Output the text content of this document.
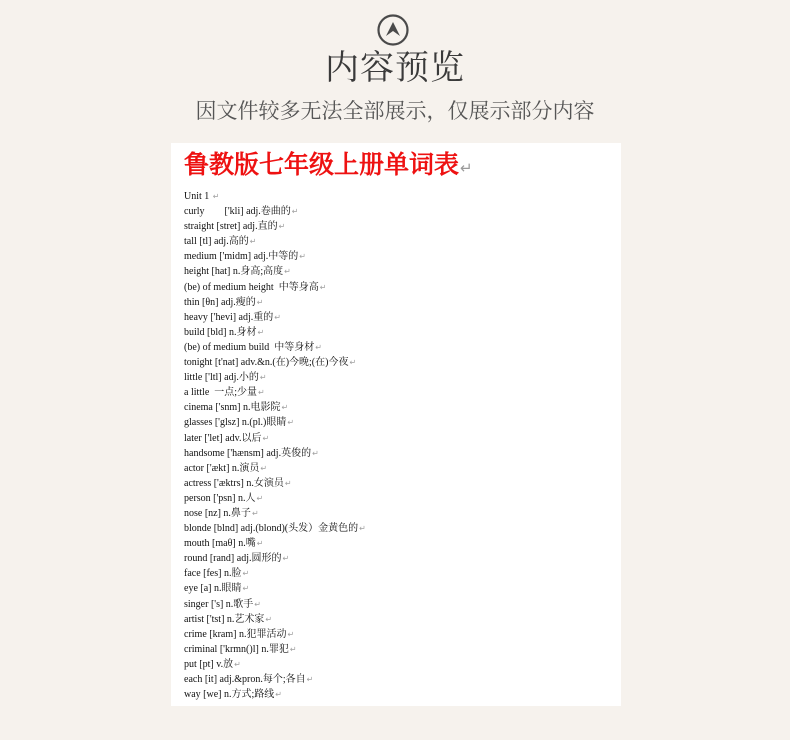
内容预览
因文件较多无法全部展示，仅展示部分内容
鲁教版七年级上册单词表↵
Unit 1 ↵
curly        ['kli] adj.卷曲的↵
straight [stret] adj.直的↵
tall [tl] adj.高的↵
medium ['midm] adj.中等的↵
height [hat] n.身高;高度↵
(be) of medium height  中等身高↵
thin [θn] adj.瘦的↵
heavy ['hevi] adj.重的↵
build [bld] n.身材↵
(be) of medium build  中等身材↵
tonight [t'nat] adv.&n.(在)今晚;(在)今夜↵
little ['ltl] adj.小的↵
a little  一点;少量↵
cinema ['snm] n.电影院↵
glasses ['glsz] n.(pl.)眼睛↵
later ['let] adv.以后↵
handsome ['hænsm] adj.英俊的↵
actor ['ækt] n.演员↵
actress ['æktrs] n.女演员↵
person ['psn] n.人↵
nose [nz] n.鼻子↵
blonde [blnd] adj.(blond)(头发）金黄色的↵
mouth [maθ] n.嘴↵
round [rand] adj.圆形的↵
face [fes] n.脸↵
eye [a] n.眼睛↵
singer ['s] n.歌手↵
artist ['tst] n.艺术家↵
crime [kram] n.犯罪活动↵
criminal ['krmn()l] n.罪犯↵
put [pt] v.放↵
each [it] adj.&pron.每个;各自↵
way [we] n.方式;路线↵
